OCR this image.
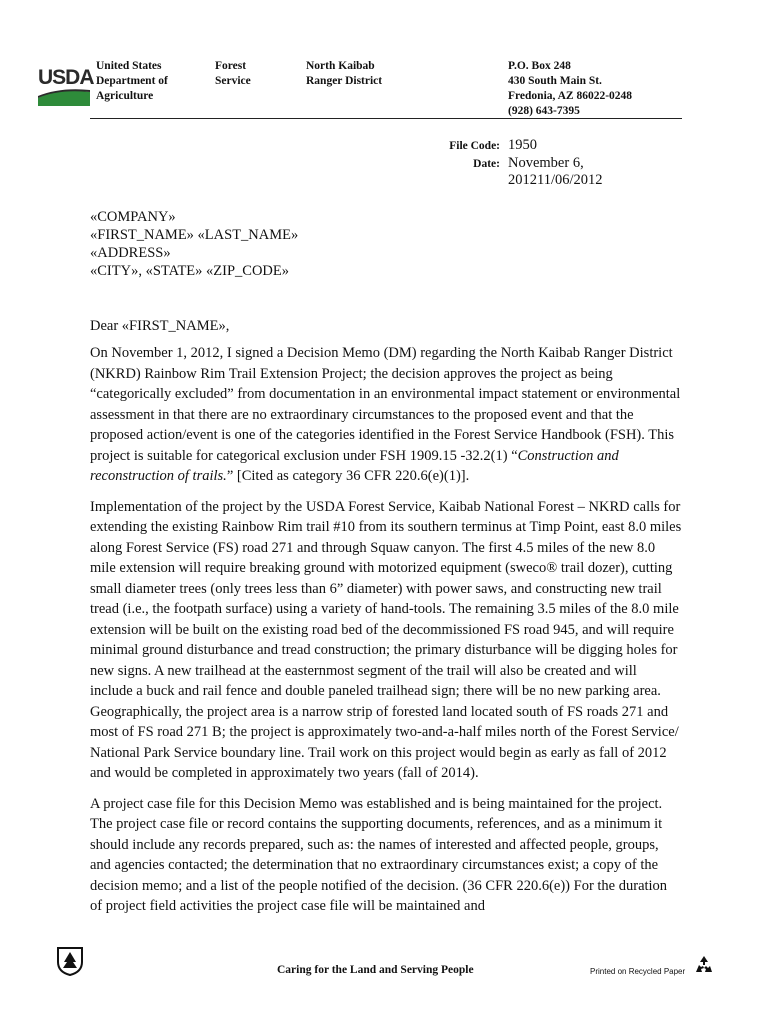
USDA United States
Department of
Agriculture
Forest
Service
North Kaibab
Ranger District
P.O. Box 248
430 South Main St.
Fredonia, AZ 86022-0248
(928) 643-7395
File Code: 1950
Date: November 6,
201211/06/2012
«COMPANY»
«FIRST_NAME» «LAST_NAME»
«ADDRESS»
«CITY», «STATE» «ZIP_CODE»
Dear «FIRST_NAME»,

On November 1, 2012, I signed a Decision Memo (DM) regarding the North Kaibab Ranger District (NKRD) Rainbow Rim Trail Extension Project; the decision approves the project as being “categorically excluded” from documentation in an environmental impact statement or environmental assessment in that there are no extraordinary circumstances to the proposed event and that the proposed action/event is one of the categories identified in the Forest Service Handbook (FSH). This project is suitable for categorical exclusion under FSH 1909.15 -32.2(1) “Construction and reconstruction of trails.” [Cited as category 36 CFR 220.6(e)(1)].

Implementation of the project by the USDA Forest Service, Kaibab National Forest – NKRD calls for extending the existing Rainbow Rim trail #10 from its southern terminus at Timp Point, east 8.0 miles along Forest Service (FS) road 271 and through Squaw canyon. The first 4.5 miles of the new 8.0 mile extension will require breaking ground with motorized equipment (sweco® trail dozer), cutting small diameter trees (only trees less than 6” diameter) with power saws, and constructing new trail tread (i.e., the footpath surface) using a variety of hand-tools. The remaining 3.5 miles of the 8.0 mile extension will be built on the existing road bed of the decommissioned FS road 945, and will require minimal ground disturbance and tread construction; the primary disturbance will be digging holes for new signs. A new trailhead at the easternmost segment of the trail will also be created and will include a buck and rail fence and double paneled trailhead sign; there will be no new parking area. Geographically, the project area is a narrow strip of forested land located south of FS roads 271 and most of FS road 271 B; the project is approximately two-and-a-half miles north of the Forest Service/ National Park Service boundary line. Trail work on this project would begin as early as fall of 2012 and would be completed in approximately two years (fall of 2014).

A project case file for this Decision Memo was established and is being maintained for the project. The project case file or record contains the supporting documents, references, and as a minimum it should include any records prepared, such as: the names of interested and affected people, groups, and agencies contacted; the determination that no extraordinary circumstances exist; a copy of the decision memo; and a list of the people notified of the decision. (36 CFR 220.6(e)) For the duration of project field activities the project case file will be maintained and

Caring for the Land and Serving People	Printed on Recycled Paper
